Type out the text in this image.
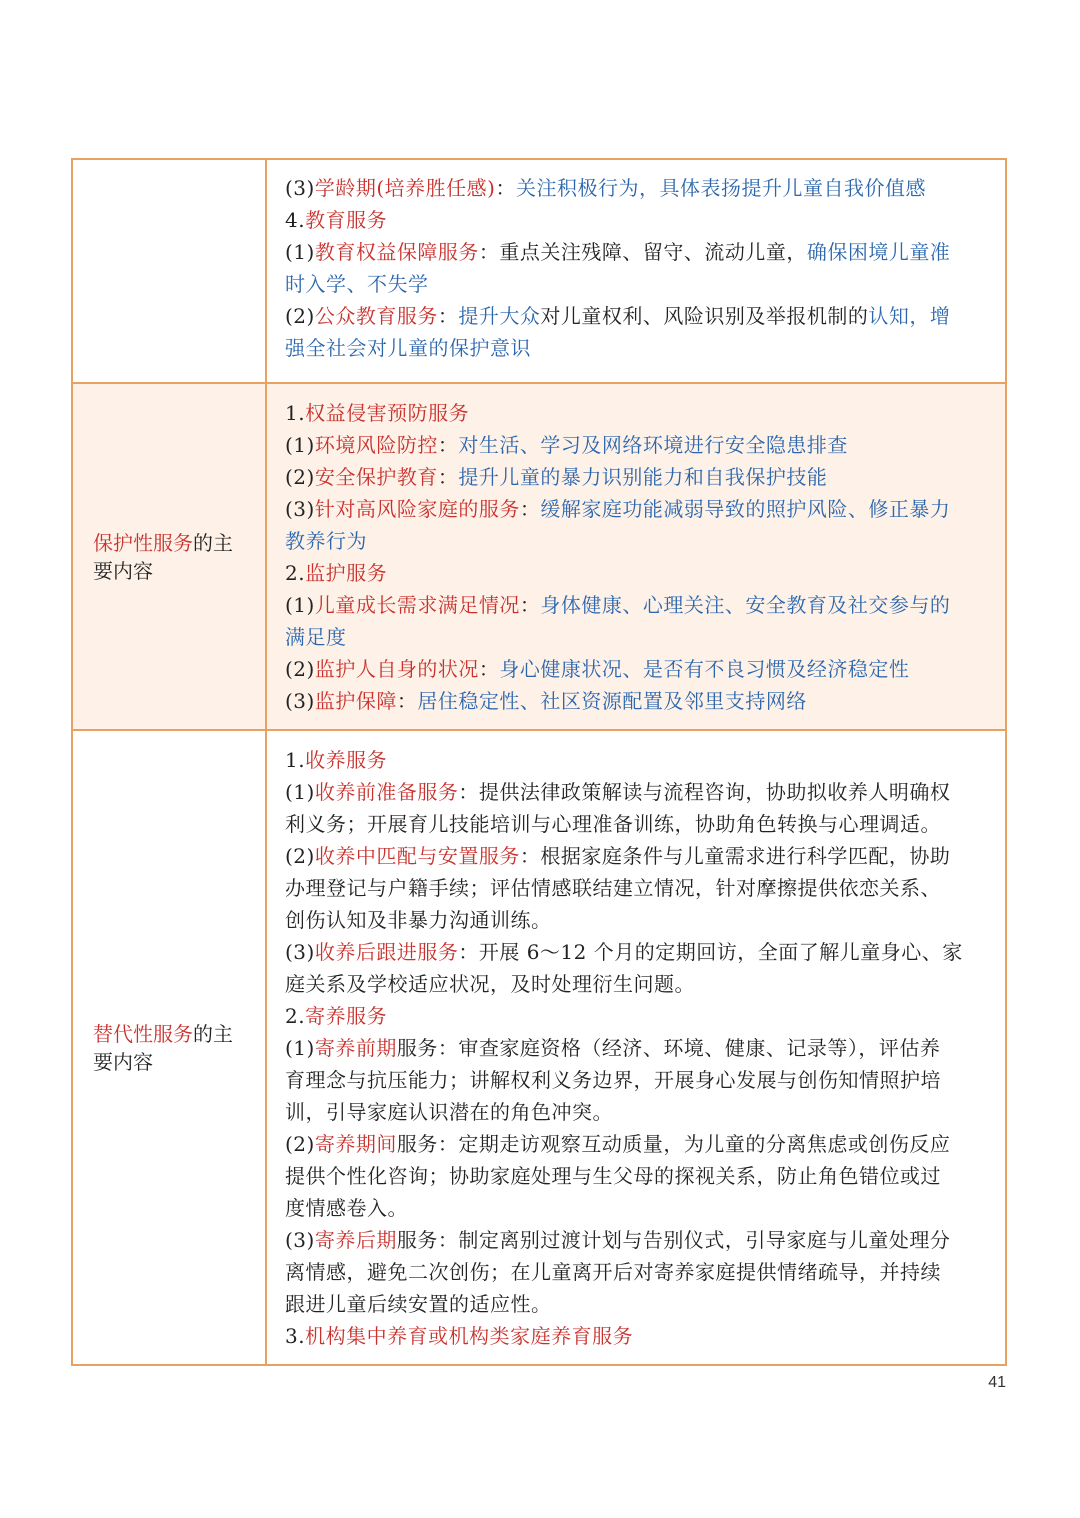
(3)学龄期(培养胜任感)：关注积极行为，具体表扬提升儿童自我价值感
4.教育服务
(1)教育权益保障服务：重点关注残障、留守、流动儿童，确保困境儿童准
时入学、不失学
(2)公众教育服务：提升大众对儿童权利、风险识别及举报机制的认知，增
强全社会对儿童的保护意识
保护性服务的主要内容
1.权益侵害预防服务
(1)环境风险防控：对生活、学习及网络环境进行安全隐患排查
(2)安全保护教育：提升儿童的暴力识别能力和自我保护技能
(3)针对高风险家庭的服务：缓解家庭功能减弱导致的照护风险、修正暴力
教养行为
2.监护服务
(1)儿童成长需求满足情况：身体健康、心理关注、安全教育及社交参与的
满足度
(2)监护人自身的状况：身心健康状况、是否有不良习惯及经济稳定性
(3)监护保障：居住稳定性、社区资源配置及邻里支持网络
替代性服务的主要内容
1.收养服务
(1)收养前准备服务：提供法律政策解读与流程咨询，协助拟收养人明确权
利义务；开展育儿技能培训与心理准备训练，协助角色转换与心理调适。
(2)收养中匹配与安置服务：根据家庭条件与儿童需求进行科学匹配，协助
办理登记与户籍手续；评估情感联结建立情况，针对摩擦提供依恋关系、
创伤认知及非暴力沟通训练。
(3)收养后跟进服务：开展 6～12 个月的定期回访，全面了解儿童身心、家
庭关系及学校适应状况，及时处理衍生问题。
2.寄养服务
(1)寄养前期服务：审查家庭资格（经济、环境、健康、记录等），评估养
育理念与抗压能力；讲解权利义务边界，开展身心发展与创伤知情照护培
训，引导家庭认识潜在的角色冲突。
(2)寄养期间服务：定期走访观察互动质量，为儿童的分离焦虑或创伤反应
提供个性化咨询；协助家庭处理与生父母的探视关系，防止角色错位或过
度情感卷入。
(3)寄养后期服务：制定离别过渡计划与告别仪式，引导家庭与儿童处理分
离情感，避免二次创伤；在儿童离开后对寄养家庭提供情绪疏导，并持续
跟进儿童后续安置的适应性。
3.机构集中养育或机构类家庭养育服务
41
